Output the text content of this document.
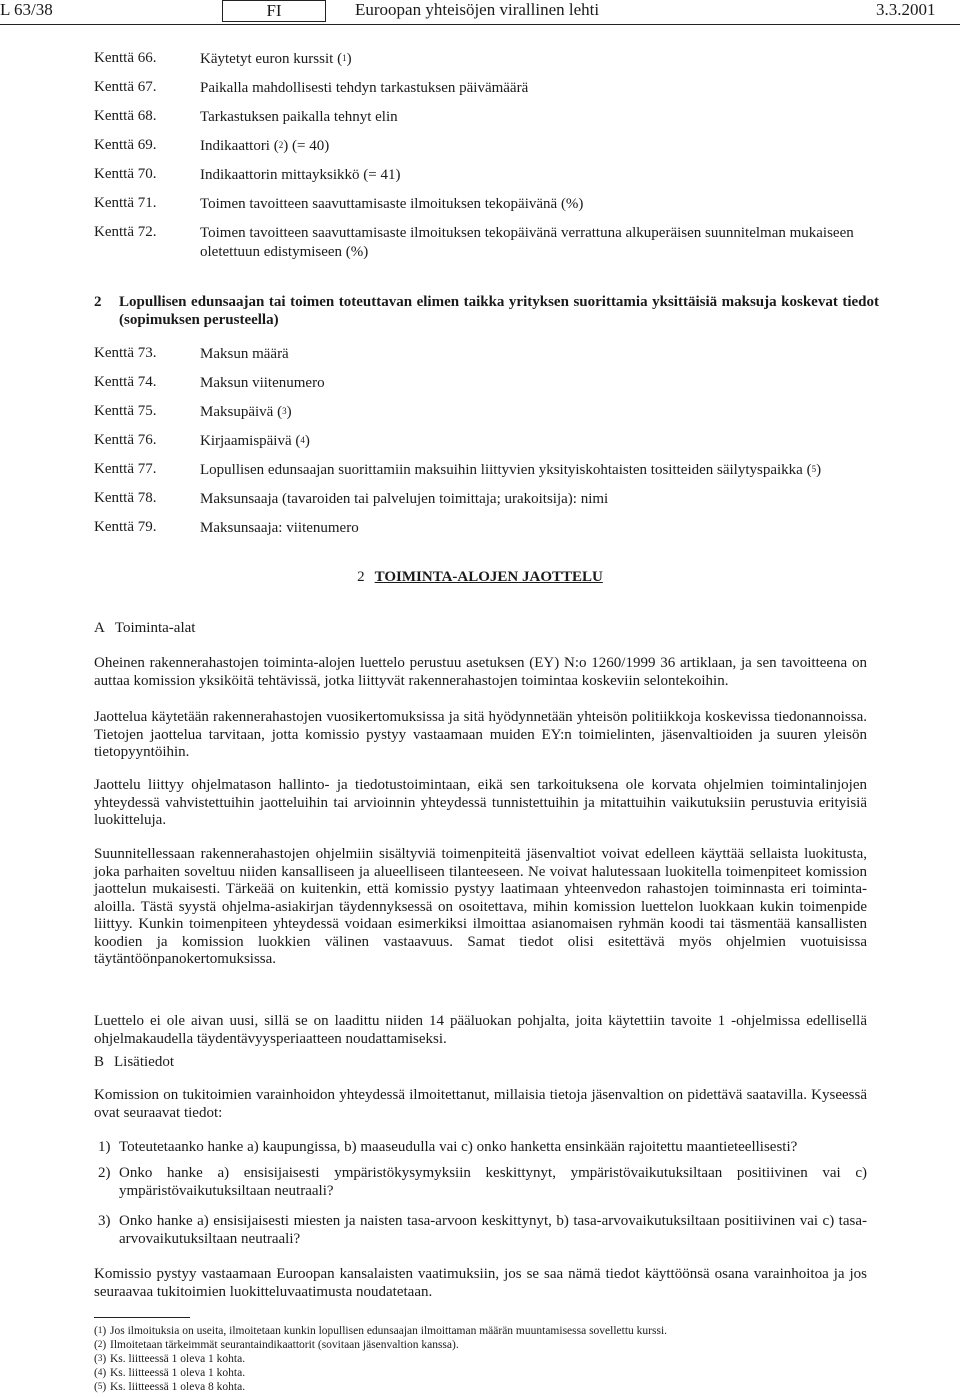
L 63/38	FI	Euroopan yhteisöjen virallinen lehti	3.3.2001
Kenttä 66.	Käytetyt euron kurssit ($^1$)
Kenttä 67.	Paikalla mahdollisesti tehdyn tarkastuksen päivämäärä
Kenttä 68.	Tarkastuksen paikalla tehnyt elin
Kenttä 69.	Indikaattori ($^2$) (= 40)
Kenttä 70.	Indikaattorin mittayksikkö (= 41)
Kenttä 71.	Toimen tavoitteen saavuttamisaste ilmoituksen tekopäivänä (%)
Kenttä 72.	Toimen tavoitteen saavuttamisaste ilmoituksen tekopäivänä verrattuna alkuperäisen suunnitelman mukaiseen oletettuun edistymiseen (%)
2 Lopullisen edunsaajan tai toimen toteuttavan elimen taikka yrityksen suorittamia yksittäisiä maksuja koskevat tiedot (sopimuksen perusteella)
Kenttä 73.	Maksun määrä
Kenttä 74.	Maksun viitenumero
Kenttä 75.	Maksupäivä ($^3$)
Kenttä 76.	Kirjaamispäivä ($^4$)
Kenttä 77.	Lopullisen edunsaajan suorittamiin maksuihin liittyvien yksityiskohtaisten tositteiden säilytyspaikka ($^5$)
Kenttä 78.	Maksunsaaja (tavaroiden tai palvelujen toimittaja; urakoitsija): nimi
Kenttä 79.	Maksunsaaja: viitenumero
2 TOIMINTA-ALOJEN JAOTTELU
A Toiminta-alat
Oheinen rakennerahastojen toiminta-alojen luettelo perustuu asetuksen (EY) N:o 1260/1999 36 artiklaan, ja sen tavoitteena on auttaa komission yksiköitä tehtävissä, jotka liittyvät rakennerahastojen toimintaa koskeviin selontekoihin.
Jaottelua käytetään rakennerahastojen vuosikertomuksissa ja sitä hyödynnetään yhteisön politiikkoja koskevissa tiedonannoissa. Tietojen jaottelua tarvitaan, jotta komissio pystyy vastaamaan muiden EY:n toimielinten, jäsenvaltioiden ja suuren yleisön tietopyyntöihin.
Jaottelu liittyy ohjelmatason hallinto- ja tiedotustoimintaan, eikä sen tarkoituksena ole korvata ohjelmien toimintalinjojen yhteydessä vahvistettuihin jaotteluihin tai arvioinnin yhteydessä tunnistettuihin ja mitattuihin vaikutuksiin perustuvia erityisiä luokitteluja.
Suunnitellessaan rakennerahastojen ohjelmiin sisältyviä toimenpiteitä jäsenvaltiot voivat edelleen käyttää sellaista luokitusta, joka parhaiten soveltuu niiden kansalliseen ja alueelliseen tilanteeseen. Ne voivat halutessaan luokitella toimenpiteet komission jaottelun mukaisesti. Tärkeää on kuitenkin, että komissio pystyy laatimaan yhteenvedon rahastojen toiminnasta eri toiminta-aloilla. Tästä syystä ohjelma-asiakirjan täydennyksessä on osoitettava, mihin komission luettelon luokkaan kukin toimenpide liittyy. Kunkin toimenpiteen yhteydessä voidaan esimerkiksi ilmoittaa asianomaisen ryhmän koodi tai täsmentää kansallisten koodien ja komission luokkien välinen vastaavuus. Samat tiedot olisi esitettävä myös ohjelmien vuotuisissa täytäntöönpanokertomuksissa.
Luettelo ei ole aivan uusi, sillä se on laadittu niiden 14 pääluokan pohjalta, joita käytettiin tavoite 1 -ohjelmissa edellisellä ohjelmakaudella täydentävyysperiaatteen noudattamiseksi.
B Lisätiedot
Komission on tukitoimien varainhoidon yhteydessä ilmoitettanut, millaisia tietoja jäsenvaltion on pidettävä saatavilla. Kyseessä ovat seuraavat tiedot:
1) Toteutetaanko hanke a) kaupungissa, b) maaseudulla vai c) onko hanketta ensinkään rajoitettu maantieteellisesti?
2) Onko hanke a) ensisijaisesti ympäristökysymyksiin keskittynyt, ympäristövaikutuksiltaan positiivinen vai c) ympäristövaikutuksiltaan neutraali?
3) Onko hanke a) ensisijaisesti miesten ja naisten tasa-arvoon keskittynyt, b) tasa-arvovaikutuksiltaan positiivinen vai c) tasa-arvovaikutuksiltaan neutraali?
Komissio pystyy vastaamaan Euroopan kansalaisten vaatimuksiin, jos se saa nämä tiedot käyttöönsä osana varainhoitoa ja jos seuraavaa tukitoimien luokitteluvaatimusta noudatetaan.
($^1$) Jos ilmoituksia on useita, ilmoitetaan kunkin lopullisen edunsaajan ilmoittaman määrän muuntamisessa sovellettu kurssi.
($^2$) Ilmoitetaan tärkeimmät seurantaindikaattorit (sovitaan jäsenvaltion kanssa).
($^3$) Ks. liitteessä 1 oleva 1 kohta.
($^4$) Ks. liitteessä 1 oleva 1 kohta.
($^5$) Ks. liitteessä 1 oleva 8 kohta.
